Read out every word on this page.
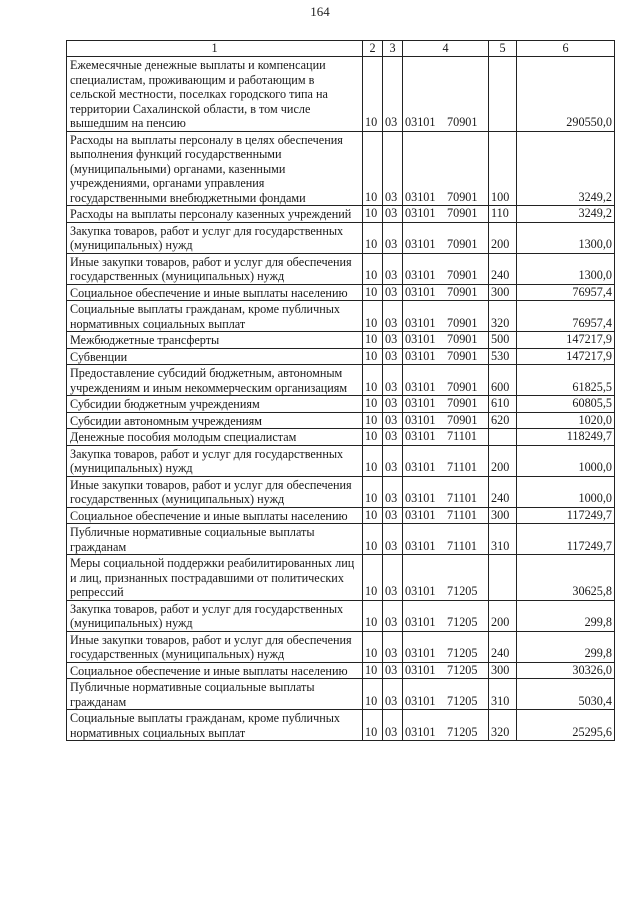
164
1	2	3	4	5	6
Ежемесячные денежные выплаты и компенсации специалистам, проживающим и работающим в сельской местности, поселках городского типа на территории Сахалинской области, в том числе вышедшим на пенсию	10	03	03101 70901		290550,0
Расходы на выплаты персоналу в целях обеспечения выполнения функций государственными (муниципальными) органами, казенными учреждениями, органами управления государственными внебюджетными фондами	10	03	03101 70901	100	3249,2
Расходы на выплаты персоналу казенных учреждений	10	03	03101 70901	110	3249,2
Закупка товаров, работ и услуг для государственных (муниципальных) нужд	10	03	03101 70901	200	1300,0
Иные закупки товаров, работ и услуг для обеспечения государственных (муниципальных) нужд	10	03	03101 70901	240	1300,0
Социальное обеспечение и иные выплаты населению	10	03	03101 70901	300	76957,4
Социальные выплаты гражданам, кроме публичных нормативных социальных выплат	10	03	03101 70901	320	76957,4
Межбюджетные трансферты	10	03	03101 70901	500	147217,9
Субвенции	10	03	03101 70901	530	147217,9
Предоставление субсидий бюджетным, автономным учреждениям и иным некоммерческим организациям	10	03	03101 70901	600	61825,5
Субсидии бюджетным учреждениям	10	03	03101 70901	610	60805,5
Субсидии автономным учреждениям	10	03	03101 70901	620	1020,0
Денежные пособия молодым специалистам	10	03	03101 71101		118249,7
Закупка товаров, работ и услуг для государственных (муниципальных) нужд	10	03	03101 71101	200	1000,0
Иные закупки товаров, работ и услуг для обеспечения государственных (муниципальных) нужд	10	03	03101 71101	240	1000,0
Социальное обеспечение и иные выплаты населению	10	03	03101 71101	300	117249,7
Публичные нормативные социальные выплаты гражданам	10	03	03101 71101	310	117249,7
Меры социальной поддержки реабилитированных лиц и лиц, признанных пострадавшими от политических репрессий	10	03	03101 71205		30625,8
Закупка товаров, работ и услуг для государственных (муниципальных) нужд	10	03	03101 71205	200	299,8
Иные закупки товаров, работ и услуг для обеспечения государственных (муниципальных) нужд	10	03	03101 71205	240	299,8
Социальное обеспечение и иные выплаты населению	10	03	03101 71205	300	30326,0
Публичные нормативные социальные выплаты гражданам	10	03	03101 71205	310	5030,4
Социальные выплаты гражданам, кроме публичных нормативных социальных выплат	10	03	03101 71205	320	25295,6
